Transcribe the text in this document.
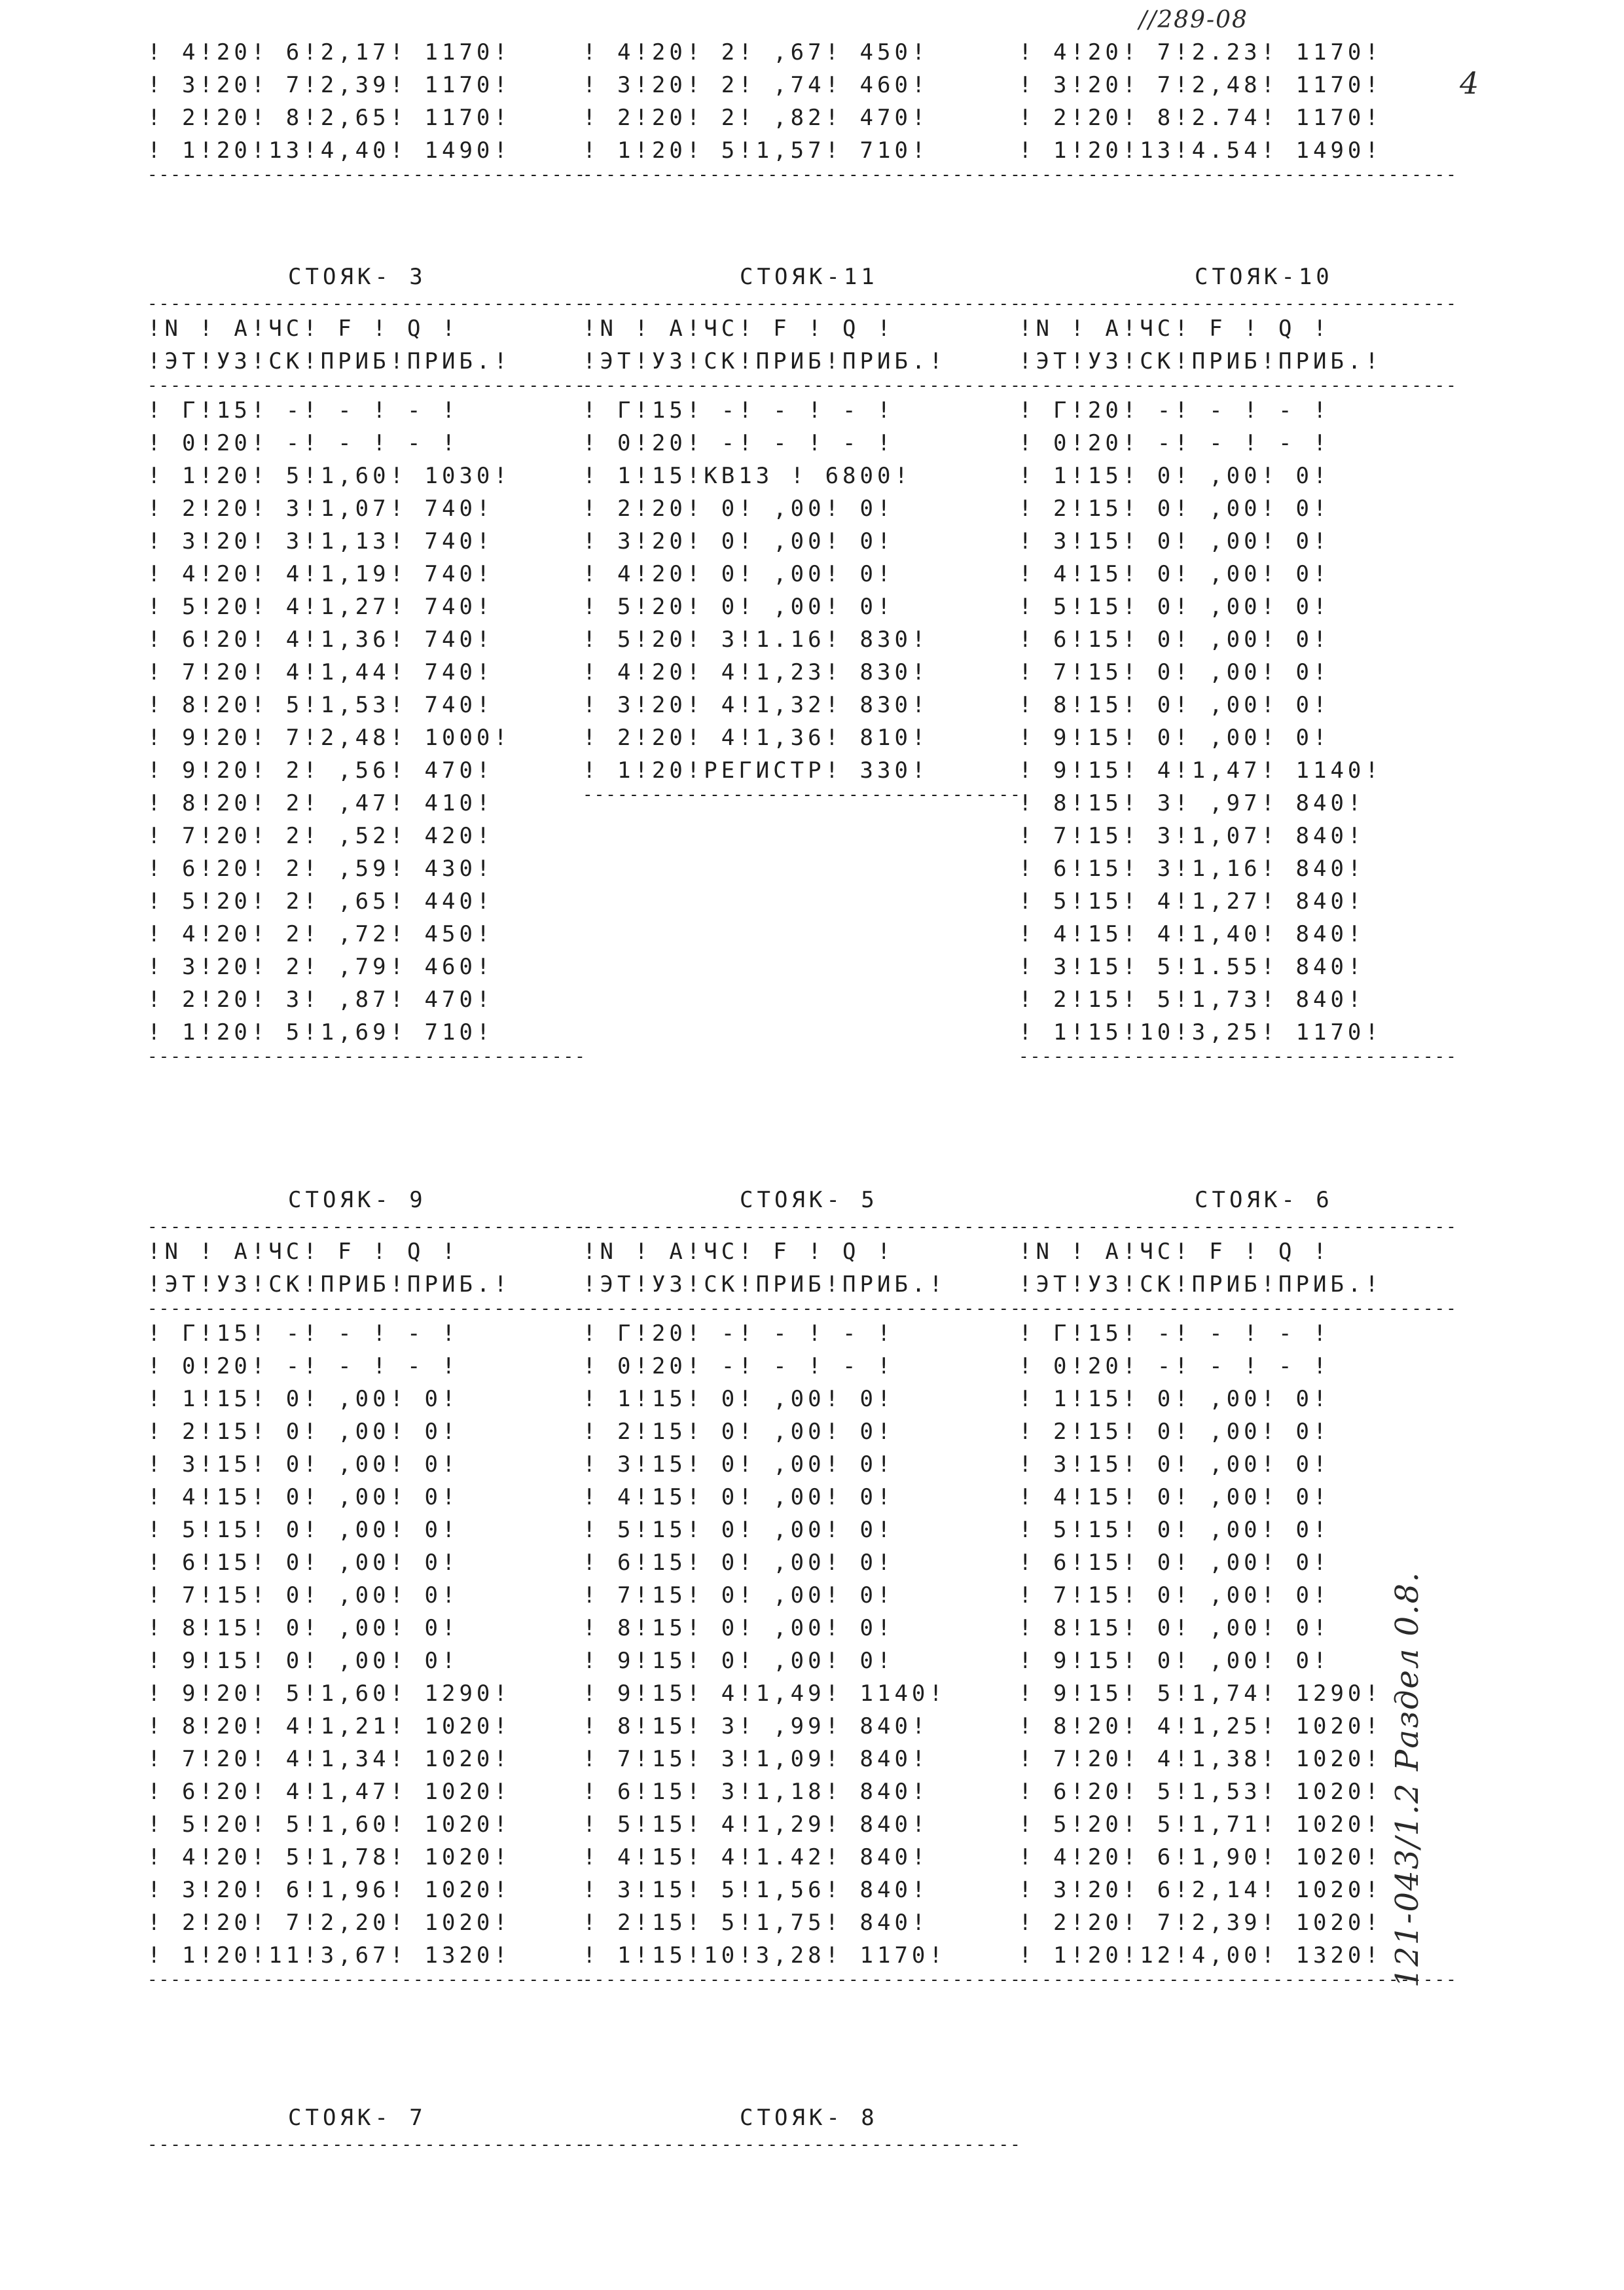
//289-08
4
! 4!20! 6!2,17! 1170!
! 3!20! 7!2,39! 1170!
! 2!20! 8!2,65! 1170!
! 1!20!13!4,40! 1490!
--------------------------------------
! 4!20! 2! ,67! 450!
! 3!20! 2! ,74! 460!
! 2!20! 2! ,82! 470!
! 1!20! 5!1,57! 710!
--------------------------------------
! 4!20! 7!2.23! 1170!
! 3!20! 7!2,48! 1170!
! 2!20! 8!2.74! 1170!
! 1!20!13!4.54! 1490!
--------------------------------------
СТОЯК- 3	СТОЯК-11	СТОЯК-10
--------------------------------------
!N ! А!ЧС! F ! Q !
!ЭТ!УЗ!СК!ПРИБ!ПРИБ.!
--------------------------------------
! Г!15! -! - ! - !
! 0!20! -! - ! - !
! 1!20! 5!1,60! 1030!
! 2!20! 3!1,07! 740!
! 3!20! 3!1,13! 740!
! 4!20! 4!1,19! 740!
! 5!20! 4!1,27! 740!
! 6!20! 4!1,36! 740!
! 7!20! 4!1,44! 740!
! 8!20! 5!1,53! 740!
! 9!20! 7!2,48! 1000!
! 9!20! 2! ,56! 470!
! 8!20! 2! ,47! 410!
! 7!20! 2! ,52! 420!
! 6!20! 2! ,59! 430!
! 5!20! 2! ,65! 440!
! 4!20! 2! ,72! 450!
! 3!20! 2! ,79! 460!
! 2!20! 3! ,87! 470!
! 1!20! 5!1,69! 710!
--------------------------------------
--------------------------------------
!N ! А!ЧС! F ! Q !
!ЭТ!УЗ!СК!ПРИБ!ПРИБ.!
--------------------------------------
! Г!15! -! - ! - !
! 0!20! -! - ! - !
! 1!15!КВ13 ! 6800!
! 2!20! 0! ,00! 0!
! 3!20! 0! ,00! 0!
! 4!20! 0! ,00! 0!
! 5!20! 0! ,00! 0!
! 5!20! 3!1.16! 830!
! 4!20! 4!1,23! 830!
! 3!20! 4!1,32! 830!
! 2!20! 4!1,36! 810!
! 1!20!РЕГИСТР! 330!
--------------------------------------
--------------------------------------
!N ! А!ЧС! F ! Q !
!ЭТ!УЗ!СК!ПРИБ!ПРИБ.!
--------------------------------------
! Г!20! -! - ! - !
! 0!20! -! - ! - !
! 1!15! 0! ,00! 0!
! 2!15! 0! ,00! 0!
! 3!15! 0! ,00! 0!
! 4!15! 0! ,00! 0!
! 5!15! 0! ,00! 0!
! 6!15! 0! ,00! 0!
! 7!15! 0! ,00! 0!
! 8!15! 0! ,00! 0!
! 9!15! 0! ,00! 0!
! 9!15! 4!1,47! 1140!
! 8!15! 3! ,97! 840!
! 7!15! 3!1,07! 840!
! 6!15! 3!1,16! 840!
! 5!15! 4!1,27! 840!
! 4!15! 4!1,40! 840!
! 3!15! 5!1.55! 840!
! 2!15! 5!1,73! 840!
! 1!15!10!3,25! 1170!
--------------------------------------
СТОЯК- 9	СТОЯК- 5	СТОЯК- 6
--------------------------------------
!N ! А!ЧС! F ! Q !
!ЭТ!УЗ!СК!ПРИБ!ПРИБ.!
--------------------------------------
! Г!15! -! - ! - !
! 0!20! -! - ! - !
! 1!15! 0! ,00! 0!
! 2!15! 0! ,00! 0!
! 3!15! 0! ,00! 0!
! 4!15! 0! ,00! 0!
! 5!15! 0! ,00! 0!
! 6!15! 0! ,00! 0!
! 7!15! 0! ,00! 0!
! 8!15! 0! ,00! 0!
! 9!15! 0! ,00! 0!
! 9!20! 5!1,60! 1290!
! 8!20! 4!1,21! 1020!
! 7!20! 4!1,34! 1020!
! 6!20! 4!1,47! 1020!
! 5!20! 5!1,60! 1020!
! 4!20! 5!1,78! 1020!
! 3!20! 6!1,96! 1020!
! 2!20! 7!2,20! 1020!
! 1!20!11!3,67! 1320!
--------------------------------------
--------------------------------------
!N ! А!ЧС! F ! Q !
!ЭТ!УЗ!СК!ПРИБ!ПРИБ.!
--------------------------------------
! Г!20! -! - ! - !
! 0!20! -! - ! - !
! 1!15! 0! ,00! 0!
! 2!15! 0! ,00! 0!
! 3!15! 0! ,00! 0!
! 4!15! 0! ,00! 0!
! 5!15! 0! ,00! 0!
! 6!15! 0! ,00! 0!
! 7!15! 0! ,00! 0!
! 8!15! 0! ,00! 0!
! 9!15! 0! ,00! 0!
! 9!15! 4!1,49! 1140!
! 8!15! 3! ,99! 840!
! 7!15! 3!1,09! 840!
! 6!15! 3!1,18! 840!
! 5!15! 4!1,29! 840!
! 4!15! 4!1.42! 840!
! 3!15! 5!1,56! 840!
! 2!15! 5!1,75! 840!
! 1!15!10!3,28! 1170!
--------------------------------------
--------------------------------------
!N ! А!ЧС! F ! Q !
!ЭТ!УЗ!СК!ПРИБ!ПРИБ.!
--------------------------------------
! Г!15! -! - ! - !
! 0!20! -! - ! - !
! 1!15! 0! ,00! 0!
! 2!15! 0! ,00! 0!
! 3!15! 0! ,00! 0!
! 4!15! 0! ,00! 0!
! 5!15! 0! ,00! 0!
! 6!15! 0! ,00! 0!
! 7!15! 0! ,00! 0!
! 8!15! 0! ,00! 0!
! 9!15! 0! ,00! 0!
! 9!15! 5!1,74! 1290!
! 8!20! 4!1,25! 1020!
! 7!20! 4!1,38! 1020!
! 6!20! 5!1,53! 1020!
! 5!20! 5!1,71! 1020!
! 4!20! 6!1,90! 1020!
! 3!20! 6!2,14! 1020!
! 2!20! 7!2,39! 1020!
! 1!20!12!4,00! 1320!
--------------------------------------
СТОЯК- 7	СТОЯК- 8
--------------------------------------
--------------------------------------
121-043/1.2 Раздел 0.8.
